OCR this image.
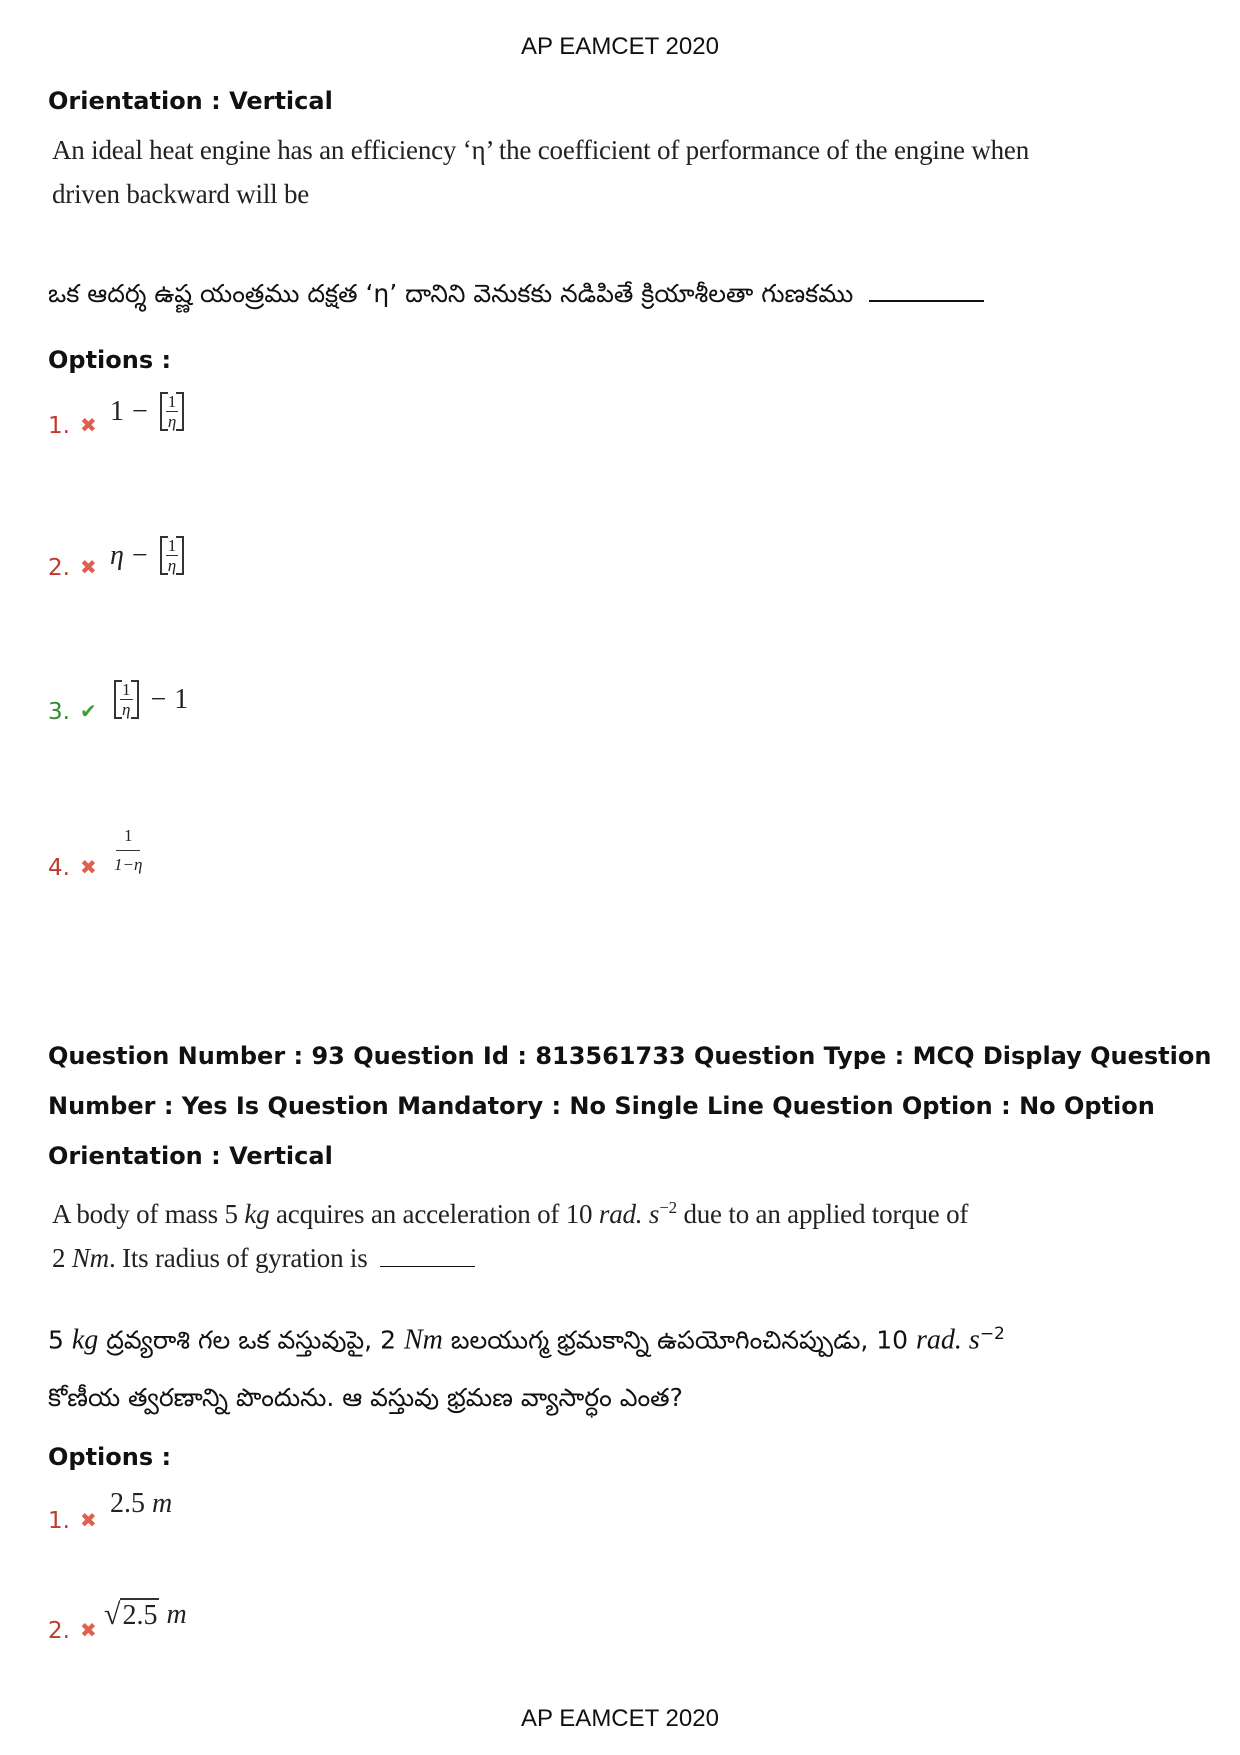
AP EAMCET 2020
Orientation : Vertical
An ideal heat engine has an efficiency ‘η’ the coefficient of performance of the engine when
driven backward will be
ఒక ఆదర్శ ఉష్ణ యంత్రము దక్షత ‘η’ దానిని వెనుకకు నడిపితే క్రియాశీలతా గుణకము
Options :
1. ✖ $1 - \frac{1}{\eta}$
2. ✖ $\eta - \frac{1}{\eta}$
3. ✔	$\frac{1}{\eta} - 1$
4. ✖ $\frac{1}{1-\eta}$
Question Number : 93 Question Id : 813561733 Question Type : MCQ Display Question
Number : Yes Is Question Mandatory : No Single Line Question Option : No Option
Orientation : Vertical
A body of mass 5 kg acquires an acceleration of 10 rad. $s^{-2}$ due to an applied torque of
2 Nm. Its radius of gyration is
5 kg ద్రవ్యరాశి గల ఒక వస్తువుపై, 2 Nm బలయుగ్మ భ్రమకాన్ని ఉపయోగించినప్పుడు, 10 rad. $s^{-2}$
కోణీయ త్వరణాన్ని పొందును. ఆ వస్తువు భ్రమణ వ్యాసార్ధం ఎంత?
Options :
1. ✖
2.5
m
2. ✖ √ 2.5
m
AP EAMCET 2020
